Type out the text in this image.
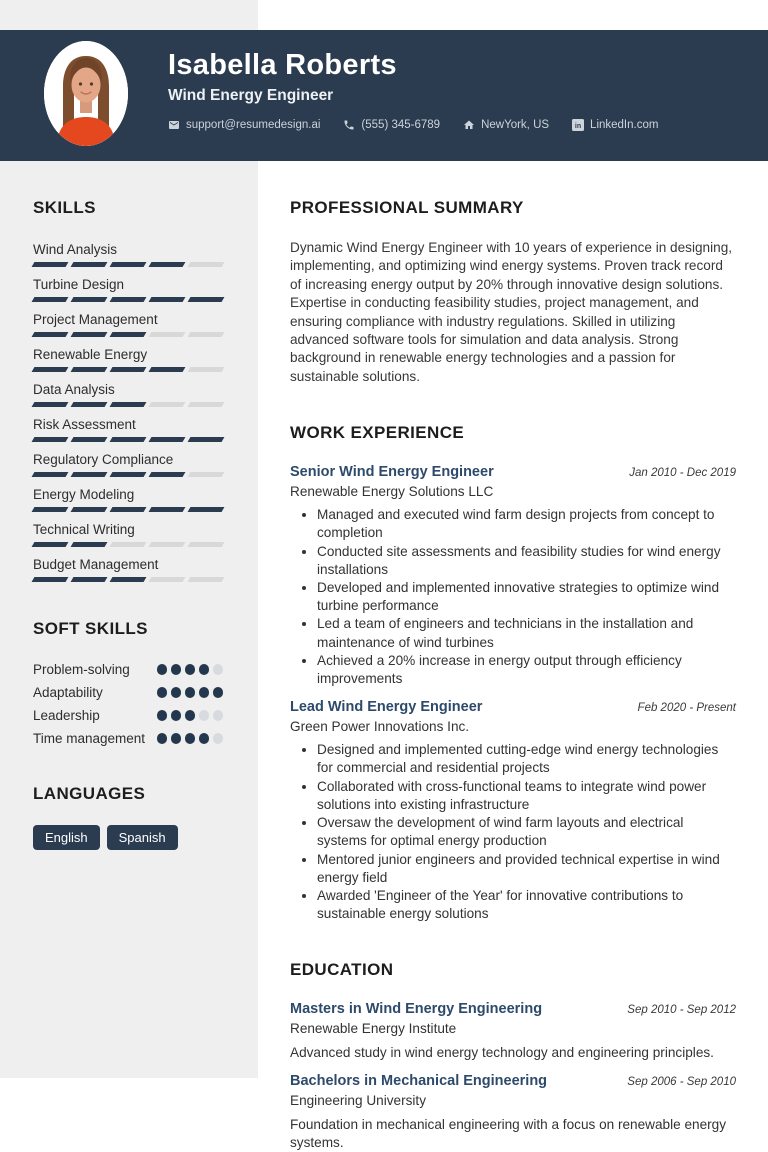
Isabella Roberts
Wind Energy Engineer
support@resumedesign.ai	(555) 345-6789	NewYork, US in LinkedIn.com
SKILLS
Wind Analysis
Turbine Design
Project Management
Renewable Energy
Data Analysis
Risk Assessment
Regulatory Compliance
Energy Modeling
Technical Writing
Budget Management
SOFT SKILLS
Problem-solving
Adaptability
Leadership
Time management
LANGUAGES
English	Spanish
PROFESSIONAL SUMMARY

Dynamic Wind Energy Engineer with 10 years of experience in designing, implementing, and optimizing wind energy systems. Proven track record of increasing energy output by 20% through innovative design solutions. Expertise in conducting feasibility studies, project management, and ensuring compliance with industry regulations. Skilled in utilizing advanced software tools for simulation and data analysis. Strong background in renewable energy technologies and a passion for sustainable solutions.

WORK EXPERIENCE
Senior Wind Energy Engineer	Jan 2010 - Dec 2019
Renewable Energy Solutions LLC
• Managed and executed wind farm design projects from concept to completion
• Conducted site assessments and feasibility studies for wind energy installations
• Developed and implemented innovative strategies to optimize wind turbine performance
• Led a team of engineers and technicians in the installation and maintenance of wind turbines
• Achieved a 20% increase in energy output through efficiency improvements
Lead Wind Energy Engineer	Feb 2020 - Present
Green Power Innovations Inc.
• Designed and implemented cutting-edge wind energy technologies for commercial and residential projects
• Collaborated with cross-functional teams to integrate wind power solutions into existing infrastructure
• Oversaw the development of wind farm layouts and electrical systems for optimal energy production
• Mentored junior engineers and provided technical expertise in wind energy field
• Awarded 'Engineer of the Year' for innovative contributions to sustainable energy solutions
EDUCATION
Masters in Wind Energy Engineering	Sep 2010 - Sep 2012
Renewable Energy Institute
Advanced study in wind energy technology and engineering principles.
Bachelors in Mechanical Engineering	Sep 2006 - Sep 2010
Engineering University
Foundation in mechanical engineering with a focus on renewable energy systems.
